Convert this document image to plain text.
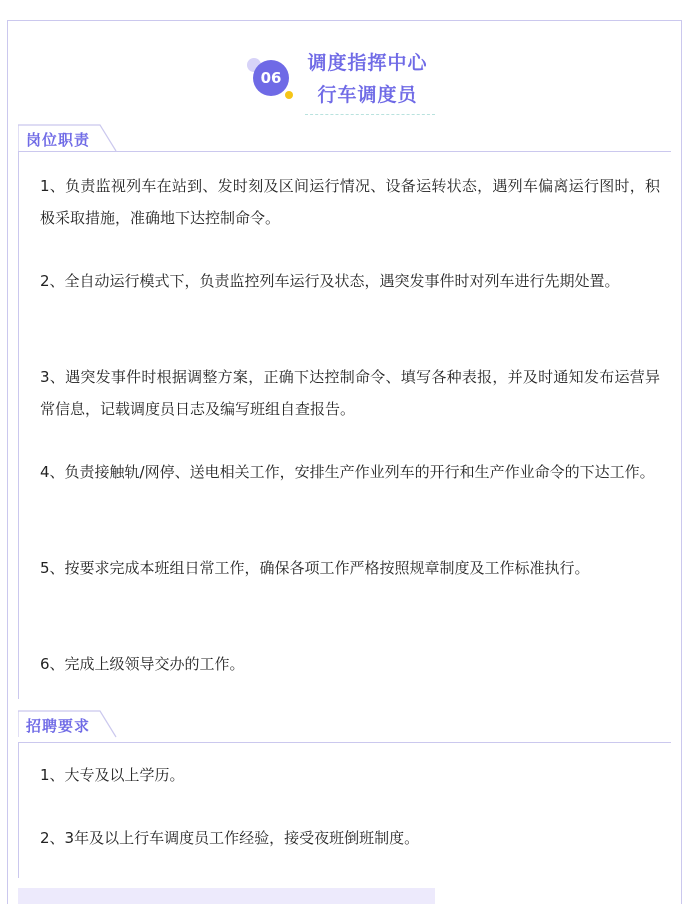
06
调度指挥中心
行车调度员
岗位职责

1、负责监视列车在站到、发时刻及区间运行情况、设备运转状态，遇列车偏离运行图时，积极采取措施，准确地下达控制命令。

2、全自动运行模式下，负责监控列车运行及状态，遇突发事件时对列车进行先期处置。

3、遇突发事件时根据调整方案，正确下达控制命令、填写各种表报，并及时通知发布运营异常信息，记载调度员日志及编写班组自查报告。

4、负责接触轨/网停、送电相关工作，安排生产作业列车的开行和生产作业命令的下达工作。

5、按要求完成本班组日常工作，确保各项工作严格按照规章制度及工作标准执行。

6、完成上级领导交办的工作。

招聘要求

1、大专及以上学历。

2、3年及以上行车调度员工作经验，接受夜班倒班制度。
